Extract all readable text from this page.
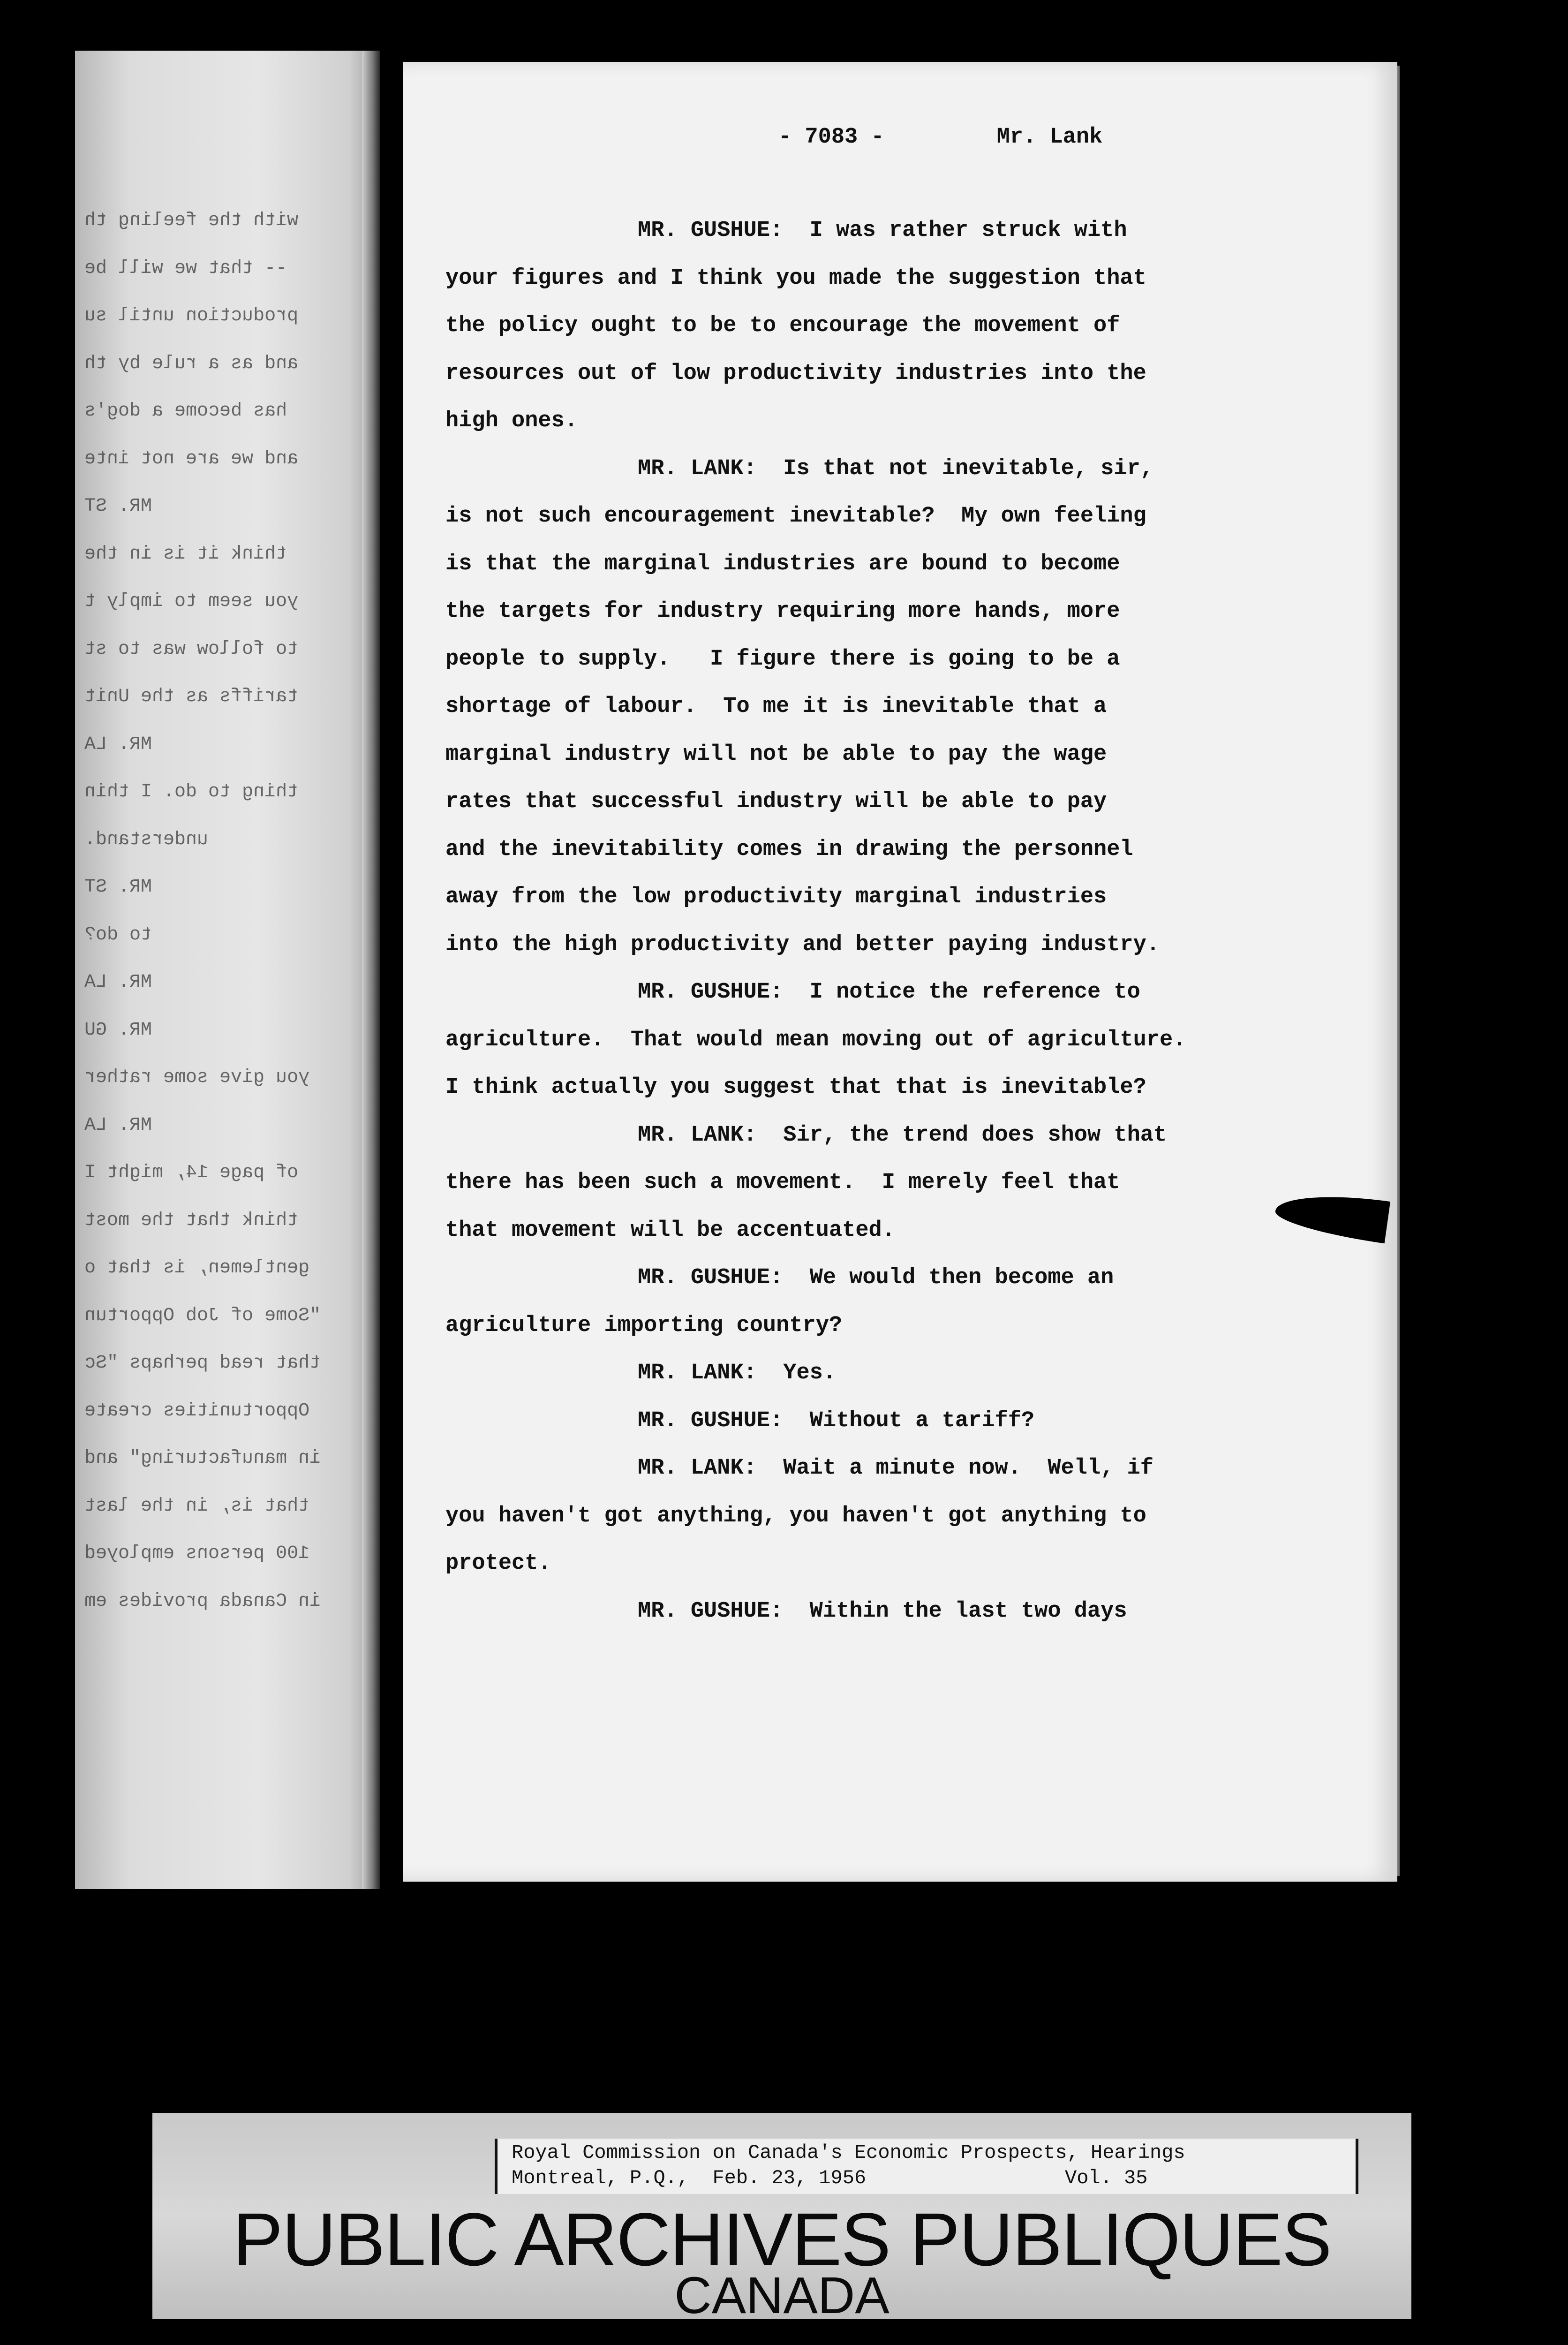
with the feeling th
-- that we will be
production until su
and as a rule by th
has become a dog's
and we are not inte
MR. ST
think it is in the
you seem to imply t
to follow was to st
tariffs as the Unit
MR. LA
thing to do. I thin
understand.
MR. ST
to do?
MR. LA
MR. GU
you give some rather
MR. LA
of page 14, might I
think that the most
gentlemen, is that o
"Some of Job Opportun
that read perhaps "Sc
Opportunities create
in manufacturing" and
that is, in the last
100 persons employed
in Canada provides em
- 7083 -	Mr. Lank
MR. GUSHUE:  I was rather struck with
your figures and I think you made the suggestion that
the policy ought to be to encourage the movement of
resources out of low productivity industries into the
high ones.
MR. LANK:  Is that not inevitable, sir,
is not such encouragement inevitable?  My own feeling
is that the marginal industries are bound to become
the targets for industry requiring more hands, more
people to supply.   I figure there is going to be a
shortage of labour.  To me it is inevitable that a
marginal industry will not be able to pay the wage
rates that successful industry will be able to pay
and the inevitability comes in drawing the personnel
away from the low productivity marginal industries
into the high productivity and better paying industry.
MR. GUSHUE:  I notice the reference to
agriculture.  That would mean moving out of agriculture.
I think actually you suggest that that is inevitable?
MR. LANK:  Sir, the trend does show that
there has been such a movement.  I merely feel that
that movement will be accentuated.
MR. GUSHUE:  We would then become an
agriculture importing country?
MR. LANK:  Yes.
MR. GUSHUE:  Without a tariff?
MR. LANK:  Wait a minute now.  Well, if
you haven't got anything, you haven't got anything to
protect.
MR. GUSHUE:  Within the last two days
Royal Commission on Canada's Economic Prospects, Hearings
Montreal, P.Q.,  Feb. 23, 1956	Vol. 35
PUBLIC ARCHIVES PUBLIQUES
CANADA
